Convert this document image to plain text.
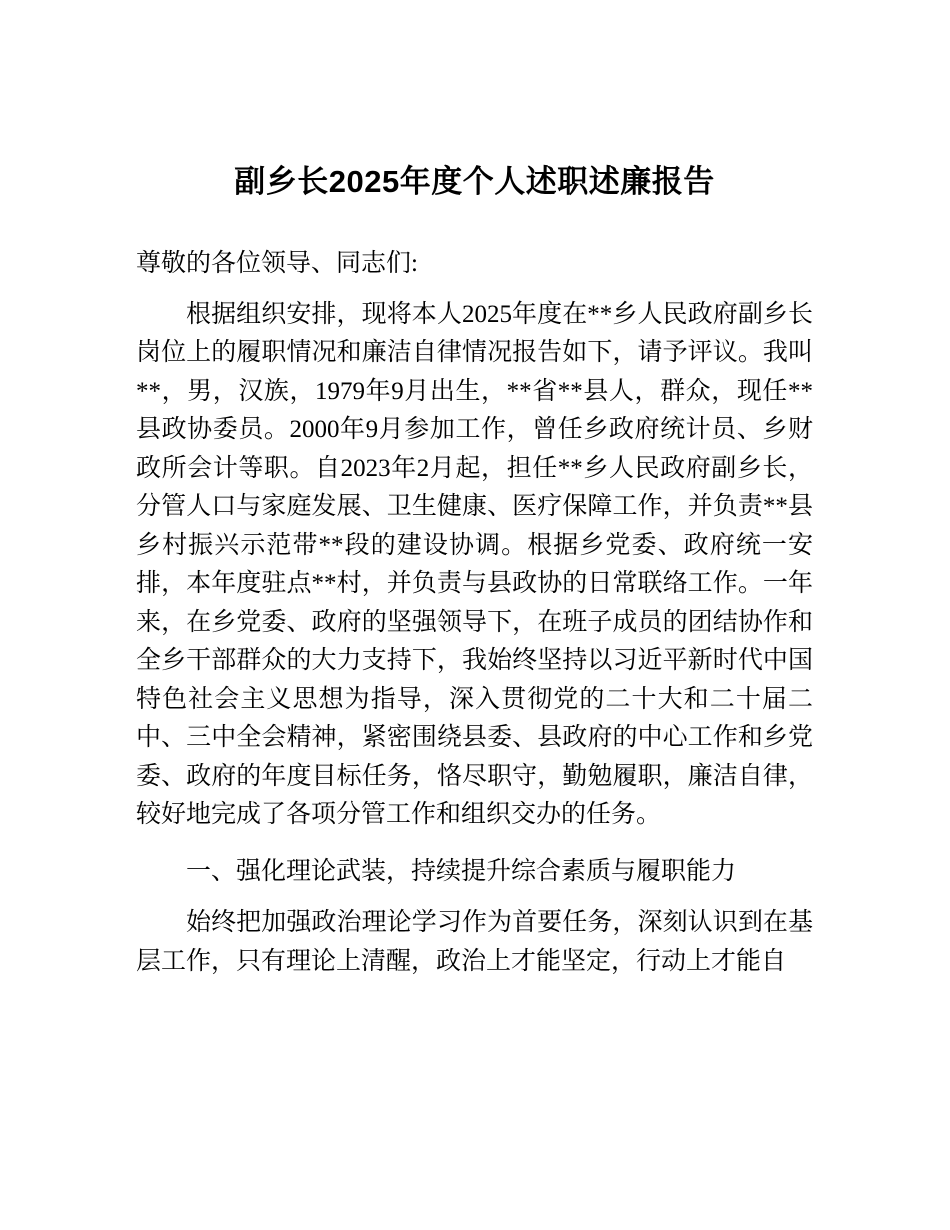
副乡长2025年度个人述职述廉报告

尊敬的各位领导、同志们:

根据组织安排，现将本人2025年度在**乡人民政府副乡长岗位上的履职情况和廉洁自律情况报告如下，请予评议。我叫**，男，汉族，1979年9月出生，**省**县人，群众，现任**县政协委员。2000年9月参加工作，曾任乡政府统计员、乡财政所会计等职。自2023年2月起，担任**乡人民政府副乡长，分管人口与家庭发展、卫生健康、医疗保障工作，并负责**县乡村振兴示范带**段的建设协调。根据乡党委、政府统一安排，本年度驻点**村，并负责与县政协的日常联络工作。一年来，在乡党委、政府的坚强领导下，在班子成员的团结协作和全乡干部群众的大力支持下，我始终坚持以习近平新时代中国特色社会主义思想为指导，深入贯彻党的二十大和二十届二中、三中全会精神，紧密围绕县委、县政府的中心工作和乡党委、政府的年度目标任务，恪尽职守，勤勉履职，廉洁自律，较好地完成了各项分管工作和组织交办的任务。

一、强化理论武装，持续提升综合素质与履职能力

始终把加强政治理论学习作为首要任务，深刻认识到在基层工作，只有理论上清醒，政治上才能坚定，行动上才能自
